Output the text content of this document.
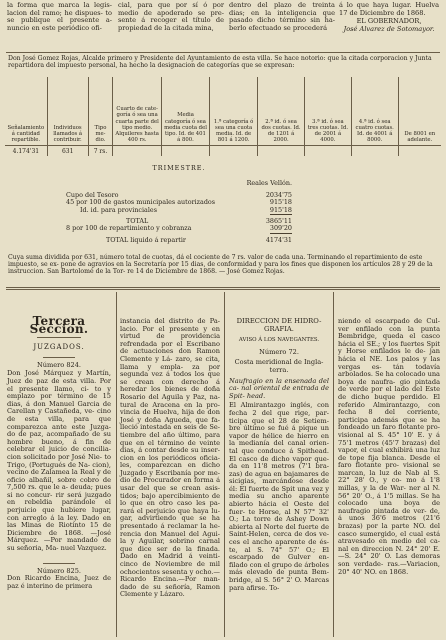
la forma que marca la legis- lacion del ramo; he dispues- to se publique el presente a- nuncio en este periódico ofi-

cial, para que por sí ó por medio de apoderado se pre- sente á recoger el título de propiedad de la citada mina,

dentro del plazo de treinta dias; en la inteligencia que pasado dicho término sin ha- berlo efectuado se procederá

á lo que haya lugar. Huelva 17 de Diciembre de 1868.

EL GOBERNADOR,

José Alvarez de Sotomayor.

Don José Gomez Rojas, Alcalde primero y Presidente del Ayuntamiento de esta villa. Se hace notorio: que la citada corporacion y Junta repartidora del impuesto personal, ha hecho la designacion de categorías que se expresan:
Señalamiento á cantidad repartible.	Individuos llamados á contribuir.	Tipo me- dio.	Cuarto de cate- goría ó sea una cuarta parte del tipo medio. Alquileres hasta 400 rs.	Media categoría ó sea media cuota del tipo. Id. de 401 á 800.	1.ª categoría ó sea una cuota media. Id. de 801 á 1200.	2.ª id. ó sea dos cuotas. Id. de 1201 á 2000.	3.ª id. ó sea tres cuotas. Id. de 2001 á 4000.	4.ª id. ó sea cuatro cuotas. Id. de 4001 á 8000.	De 8001 en adelante.
4.174'31	631	7 rs.							
TRIMESTRE.
Reales Vellón.
Cupo del Tesoro	2034'75
45 por 100 de gastos municipales autorizados	915'18
Id. id. para provinciales	915'18
TOTAL	3865'11
8 por 100 de repartimiento y cobranza	309'20
TOTAL liquido á repartir	4174'31
Cuya suma dividida por 631, número total de cuotas, dá el cociente de 7 rs. valor de cada una. Terminando el repartimiento de este impuesto, se ex- pone de agravios en la Secretaría por 15 dias, de conformidad y para los fines que disponen los artículos 28 y 29 de la instruccion. San Bartolomé de la Tor- re 14 de Diciembre de 1868. — José Gomez Rojas.
Tercera Seccion.
JUZGADOS.
Número 824.

Don José Márquez y Martín, Juez de paz de esta villa. Por el presente llamo, ci- to y emplazo por término de 15 dias, á don Manuel Garcia de Carellan y Castañeda, ve- cino de esta villa, para que comparezca ante este Juzga- do de paz, acompañado de su hombre bueno, á fin de celebrar el juicio de concilia- cion solicitado por José Nie- to Trigo, (Portugués de Na- cion), vecino de Zalamea la Real y de oficio albañil, sobre cobro de 7,500 rs. que le a- deuda; pues si no concur- rir será juzgado en rebeldia parándole el perjuicio que hubiere lugar, con arreglo á la ley. Dado en las Minas de Riotinto 15 de Diciembre de 1868. —José Márquez. —Por mandado de su señoria, Ma- nuel Vazquez.

Número 825.

Don Ricardo Encina, Juez de paz é interino de primera

instancia del distrito de Pa- lacio. Por el presente y en virtud de providencia refrendada por el Escribano de actuaciones don Ramon Clemente y Lá- zaro, se cita, llama y empla- za por segunda vez á todos los que se crean con derecho á heredar los bienes de doña Rosario del Aguila y Paz, na- tural de Aracena en la pro- vincia de Huelva, hija de don José y doña Agueda, que fa- lleció intestada en seis de Se- tiembre del año último, para que en el término de veinte dias, á contar desde su inser- cion en los periódicos oficia- les, comparezcan en dicho Juzgado y Escribanía por me- dio de Procurador en forma á usar del que se crean asis- tidos; bajo apercibimiento de lo que en otro caso les pa- rará el perjuicio que haya lu- gar, advirtiendo que se ha presentado á reclamar la he- rencia don Manuel del Agui- la y Aguilar, sobrino carnal que dice ser de la finada. Dado en Madrid á veinti- cinco de Noviembre de mil ochocientos sesenta y ocho.— Ricardo Encina.—Por man- dado de su señoría, Ramon Clemente y Lázaro.

DIRECCION DE HIDRO- GRAFIA.
AVISO Á LOS NAVEGANTES.
Número 72.

Costa meridional de Ingla- terra.

Naufragio en la ensenada del ca- nal oriental de entrada de Spit- head.

El Almirantazgo inglés, con fecha 2 del que rige, par- ticipa que el 28 de Setiem- bre último se fué á pique un vapor de hélice de hierro en la medianía del canal orien- tal que conduce á Spithead. El casco de dicho vapor que- da en 11'8 metros (7'1 bra- zas) de agua en bajamares de sicigias, marcándose desde él: El fuerte de Spit una vez y media su ancho aparente abierto hácia el Oeste del fuer- te Horse, al N 57° 32' O.; La torre de Ashey Down abierta al Norte del fuerte de Saint-Helen, cerca de dos ve- ces el ancho aparente de és- te, al S. 74° 57' O.; El escarpado de Gulver en- filado con el grupo de árboles más elevado de punta Bem- bridge, al S. 56° 2' O. Marcas para afirse. To-

niendo el escarpado de Cul- ver enfilado con la punta Bembridge, queda el casco hácia el SE.; y los fuertes Spit y Horse enfilados le de- jan hácia el NE. Los palos y las vergas es- tán todavía arbolados. Se ha colocado una boya de naufra- gio pintada de verde por el lado del Este de dicho buque perdido. El referido Almirantazgo, con fecha 8 del corriente, participa además que se ha fondeado un faro flotante pro- visional al S. 45° 10' E. y á 75'1 metros (45'7 brazas) del vapor, el cual exhibirá una luz de tope fija blanca. Desde el faro flotante pro- visional se marcan, la luz de Nab al S. 22° 28' O., y co- mo á 1'8 millas, y la de War- ner al N. 56° 20' O., á 1'5 millas. Se ha colocado una boya de naufragio pintada de ver- de, á unos 36'6 metros (21'6 brazas) por la parte NO. del casco sumergido, el cual está atravesado en medio del ca- nal en direccion N. 24° 20' E.—S. 24° 20' O. Las demoras son verdade- ras.—Variacion, 20° 40' NO. en 1868.
